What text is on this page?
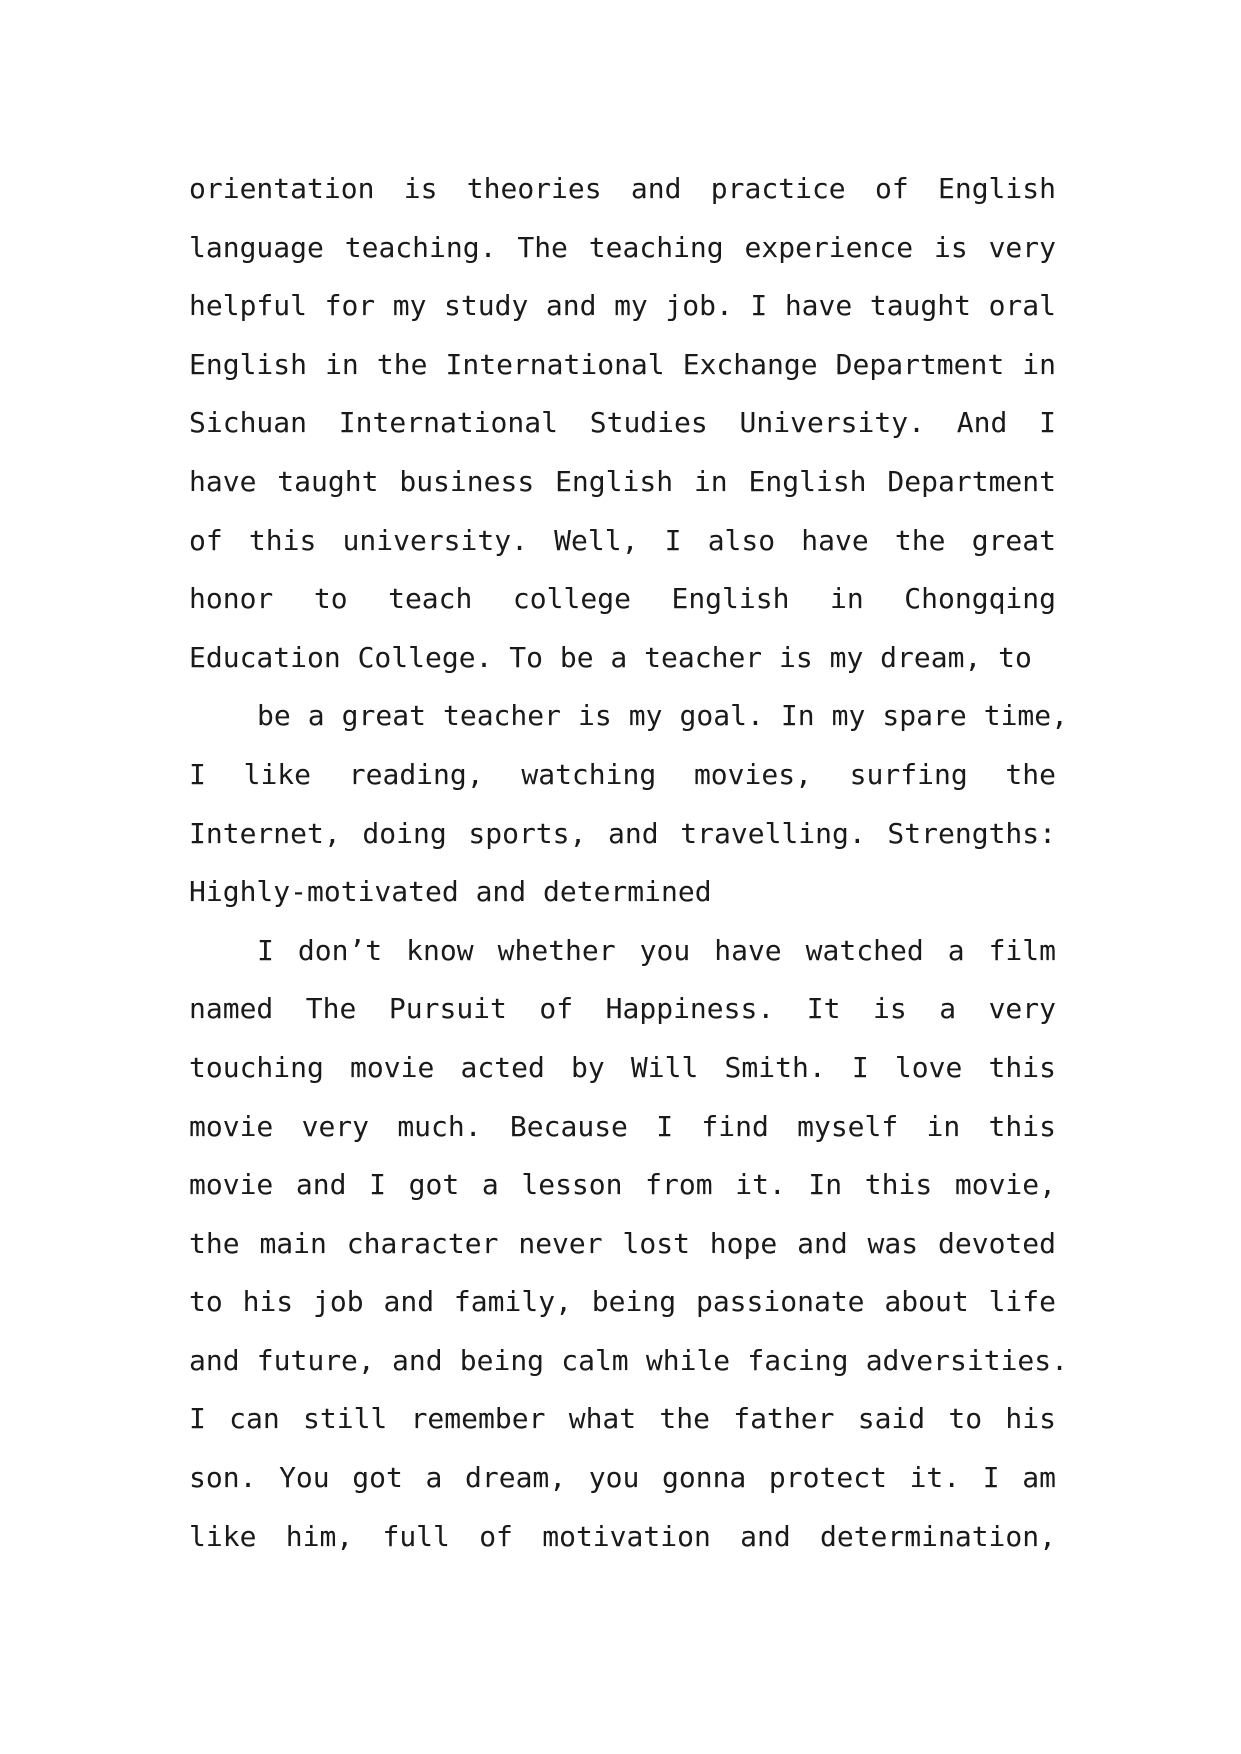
orientation is theories and practice of English
language teaching. The teaching experience is very
helpful for my study and my job. I have taught oral
English in the International Exchange Department in
Sichuan International Studies University. And I
have taught business English in English Department
of this university. Well, I also have the great
honor to teach college English in Chongqing
Education College. To be a teacher is my dream, to
be a great teacher is my goal. In my spare time,
I like reading, watching movies, surfing the
Internet, doing sports, and travelling. Strengths:
Highly-motivated and determined
I don’t know whether you have watched a film
named The Pursuit of Happiness. It is a very
touching movie acted by Will Smith. I love this
movie very much. Because I find myself in this
movie and I got a lesson from it. In this movie,
the main character never lost hope and was devoted
to his job and family, being passionate about life
and future, and being calm while facing adversities.
I can still remember what the father said to his
son. You got a dream, you gonna protect it. I am
like him, full of motivation and determination,
